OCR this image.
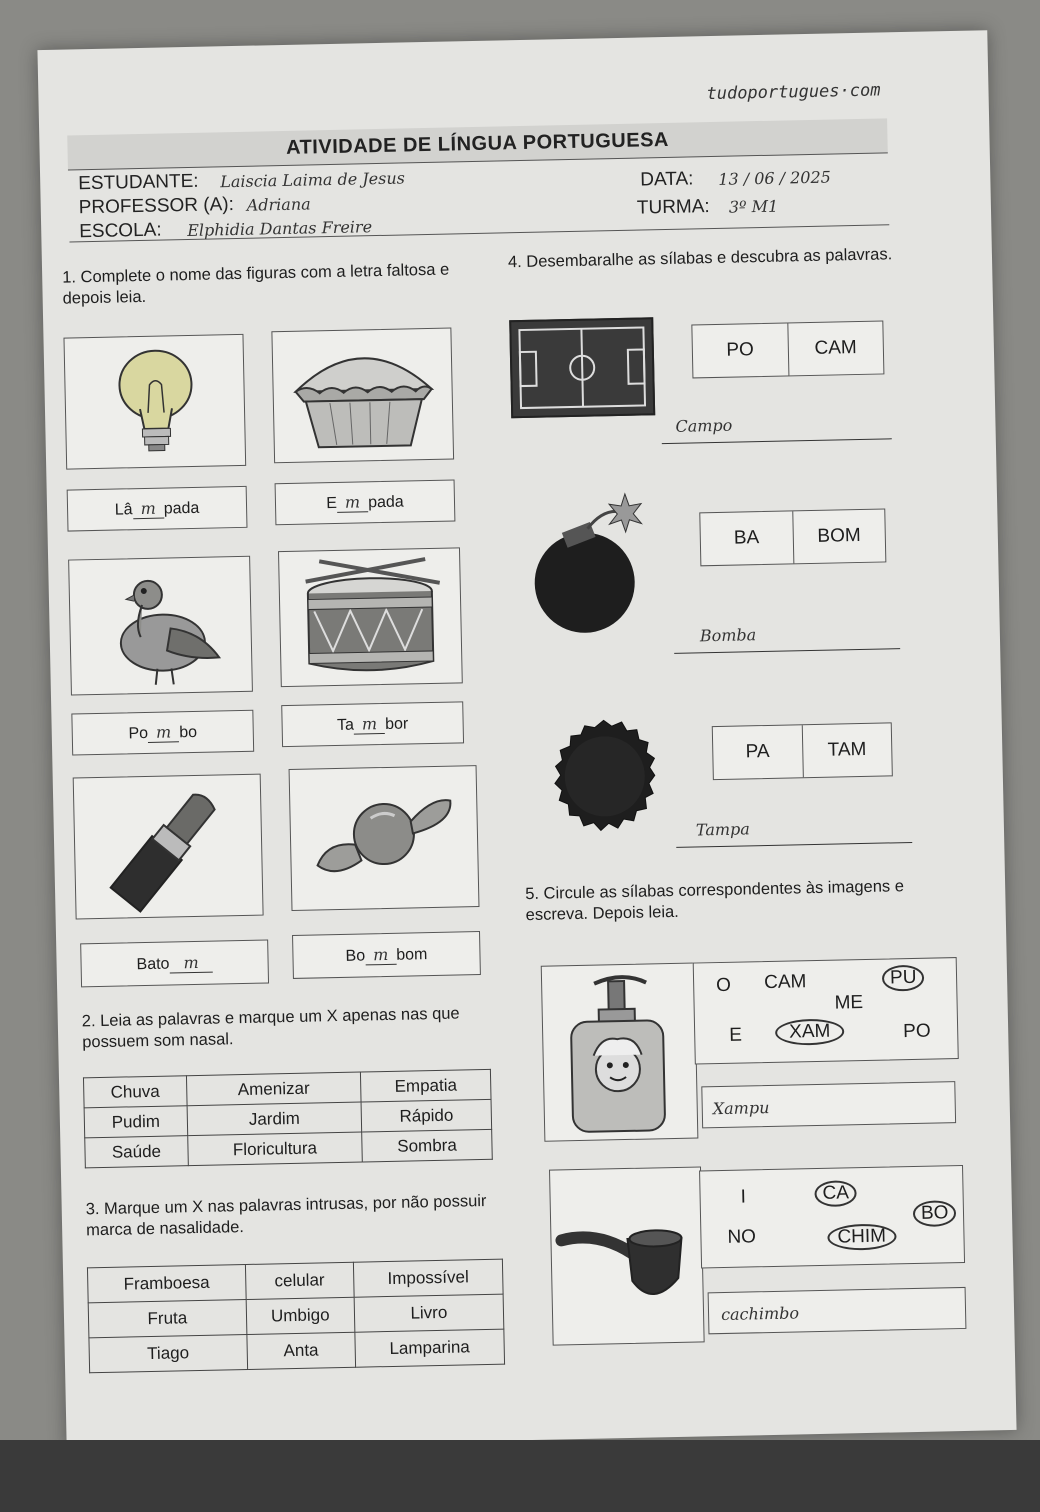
tudoportugues·com
ATIVIDADE DE LÍNGUA PORTUGUESA
ESTUDANTE: Laiscia Laima de Jesus
PROFESSOR (A): Adriana
ESCOLA: Elphidia Dantas Freire
DATA: 13 / 06 / 2025
TURMA: 3º M1
1. Complete o nome das figuras com a letra faltosa e depois leia.
Lâ m pada	E m pada
Po m bo	Ta m bor
Bato m	Bo m bom
2. Leia as palavras e marque um X apenas nas que possuem som nasal.
Chuva	Amenizar	Empatia
Pudim	Jardim	Rápido
Saúde	Floricultura	Sombra
3. Marque um X nas palavras intrusas, por não possuir marca de nasalidade.
Framboesa	celular	Impossível
Fruta	Umbigo	Livro
Tiago	Anta	Lamparina
4. Desembaralhe as sílabas e descubra as palavras.
PO	CAM
Campo
BA	BOM
Bomba
PA	TAM
Tampa
5. Circule as sílabas correspondentes às imagens e escreva. Depois leia.
O CAM	PU
ME
E	XAM	PO
Xampu
I	CA
BO
NO	CHIM
cachimbo
